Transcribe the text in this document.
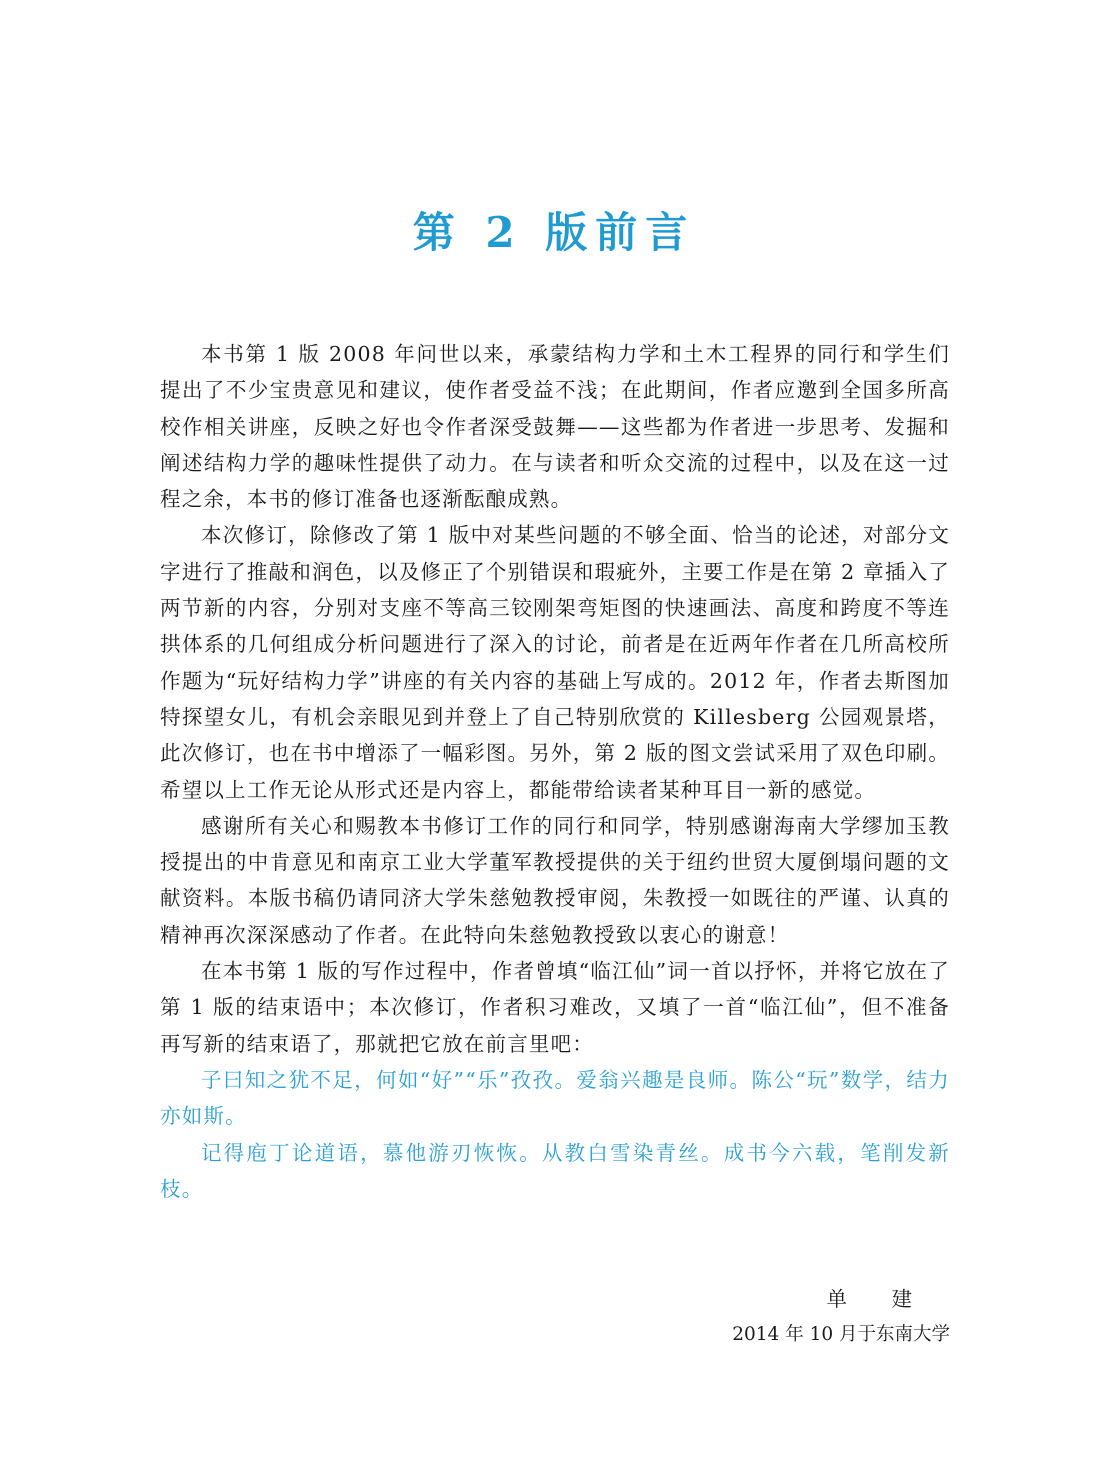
第 2 版前言

本书第 1 版 2008 年问世以来，承蒙结构力学和土木工程界的同行和学生们提出了不少宝贵意见和建议，使作者受益不浅；在此期间，作者应邀到全国多所高校作相关讲座，反映之好也令作者深受鼓舞——这些都为作者进一步思考、发掘和阐述结构力学的趣味性提供了动力。在与读者和听众交流的过程中，以及在这一过程之余，本书的修订准备也逐渐酝酿成熟。

本次修订，除修改了第 1 版中对某些问题的不够全面、恰当的论述，对部分文字进行了推敲和润色，以及修正了个别错误和瑕疵外，主要工作是在第 2 章插入了两节新的内容，分别对支座不等高三铰刚架弯矩图的快速画法、高度和跨度不等连拱体系的几何组成分析问题进行了深入的讨论，前者是在近两年作者在几所高校所作题为“玩好结构力学”讲座的有关内容的基础上写成的。2012 年，作者去斯图加特探望女儿，有机会亲眼见到并登上了自己特别欣赏的 Killesberg 公园观景塔，此次修订，也在书中增添了一幅彩图。另外，第 2 版的图文尝试采用了双色印刷。希望以上工作无论从形式还是内容上，都能带给读者某种耳目一新的感觉。

感谢所有关心和赐教本书修订工作的同行和同学，特别感谢海南大学缪加玉教授提出的中肯意见和南京工业大学董军教授提供的关于纽约世贸大厦倒塌问题的文献资料。本版书稿仍请同济大学朱慈勉教授审阅，朱教授一如既往的严谨、认真的精神再次深深感动了作者。在此特向朱慈勉教授致以衷心的谢意！

在本书第 1 版的写作过程中，作者曾填“临江仙”词一首以抒怀，并将它放在了第 1 版的结束语中；本次修订，作者积习难改，又填了一首“临江仙”，但不准备再写新的结束语了，那就把它放在前言里吧：

子曰知之犹不足，何如“好”“乐”孜孜。爱翁兴趣是良师。陈公“玩”数学，结力亦如斯。

记得庖丁论道语，慕他游刃恢恢。从教白雪染青丝。成书今六载，笔削发新枝。

单　建
2014 年 10 月于东南大学
